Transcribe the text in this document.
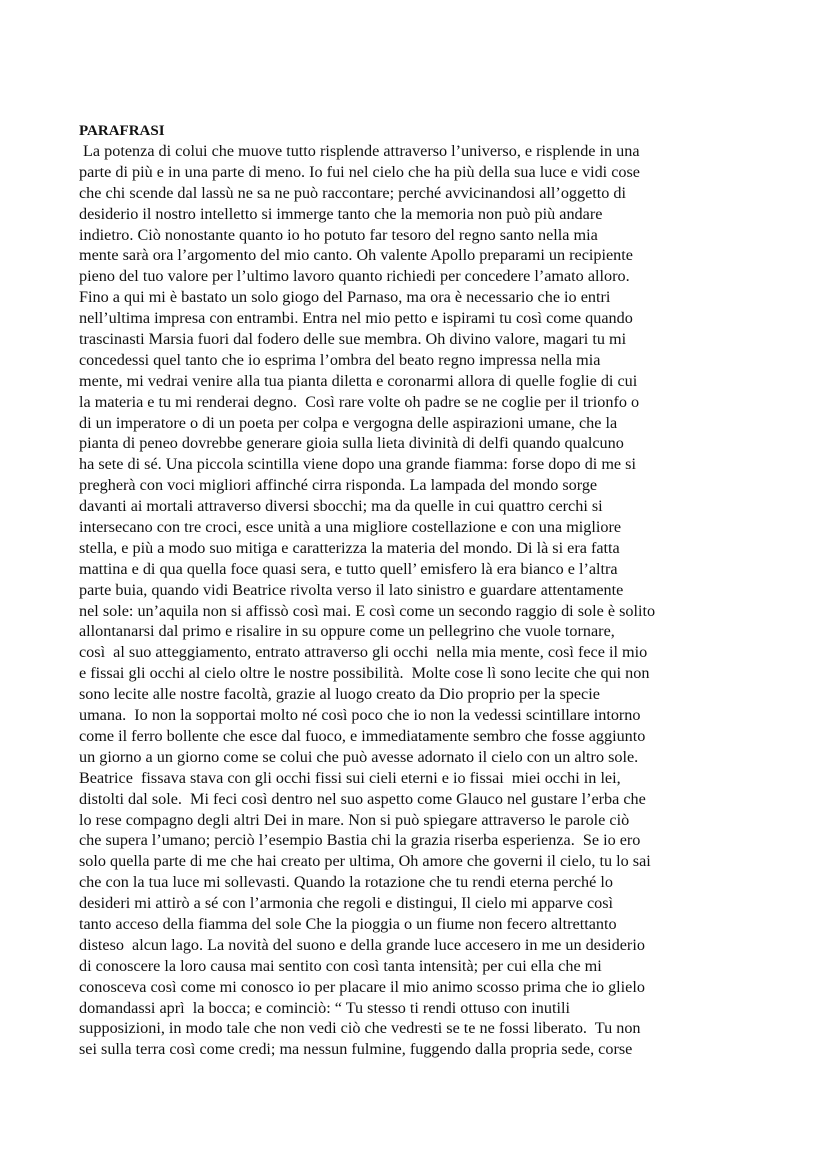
PARAFRASI
La potenza di colui che muove tutto risplende attraverso l’universo, e risplende in una
parte di più e in una parte di meno. Io fui nel cielo che ha più della sua luce e vidi cose
che chi scende dal lassù ne sa ne può raccontare; perché avvicinandosi all’oggetto di
desiderio il nostro intelletto si immerge tanto che la memoria non può più andare
indietro. Ciò nonostante quanto io ho potuto far tesoro del regno santo nella mia
mente sarà ora l’argomento del mio canto. Oh valente Apollo preparami un recipiente
pieno del tuo valore per l’ultimo lavoro quanto richiedi per concedere l’amato alloro.
Fino a qui mi è bastato un solo giogo del Parnaso, ma ora è necessario che io entri
nell’ultima impresa con entrambi. Entra nel mio petto e ispirami tu così come quando
trascinasti Marsia fuori dal fodero delle sue membra. Oh divino valore, magari tu mi
concedessi quel tanto che io esprima l’ombra del beato regno impressa nella mia
mente, mi vedrai venire alla tua pianta diletta e coronarmi allora di quelle foglie di cui
la materia e tu mi renderai degno.  Così rare volte oh padre se ne coglie per il trionfo o
di un imperatore o di un poeta per colpa e vergogna delle aspirazioni umane, che la
pianta di peneo dovrebbe generare gioia sulla lieta divinità di delfi quando qualcuno
ha sete di sé. Una piccola scintilla viene dopo una grande fiamma: forse dopo di me si
pregherà con voci migliori affinché cirra risponda. La lampada del mondo sorge
davanti ai mortali attraverso diversi sbocchi; ma da quelle in cui quattro cerchi si
intersecano con tre croci, esce unità a una migliore costellazione e con una migliore
stella, e più a modo suo mitiga e caratterizza la materia del mondo. Di là si era fatta
mattina e di qua quella foce quasi sera, e tutto quell’ emisfero là era bianco e l’altra
parte buia, quando vidi Beatrice rivolta verso il lato sinistro e guardare attentamente
nel sole: un’aquila non si affissò così mai. E così come un secondo raggio di sole è solito
allontanarsi dal primo e risalire in su oppure come un pellegrino che vuole tornare,
così  al suo atteggiamento, entrato attraverso gli occhi  nella mia mente, così fece il mio
e fissai gli occhi al cielo oltre le nostre possibilità.  Molte cose lì sono lecite che qui non
sono lecite alle nostre facoltà, grazie al luogo creato da Dio proprio per la specie
umana.  Io non la sopportai molto né così poco che io non la vedessi scintillare intorno
come il ferro bollente che esce dal fuoco, e immediatamente sembro che fosse aggiunto
un giorno a un giorno come se colui che può avesse adornato il cielo con un altro sole.
Beatrice  fissava stava con gli occhi fissi sui cieli eterni e io fissai  miei occhi in lei,
distolti dal sole.  Mi feci così dentro nel suo aspetto come Glauco nel gustare l’erba che
lo rese compagno degli altri Dei in mare. Non si può spiegare attraverso le parole ciò
che supera l’umano; perciò l’esempio Bastia chi la grazia riserba esperienza.  Se io ero
solo quella parte di me che hai creato per ultima, Oh amore che governi il cielo, tu lo sai
che con la tua luce mi sollevasti. Quando la rotazione che tu rendi eterna perché lo
desideri mi attirò a sé con l’armonia che regoli e distingui, Il cielo mi apparve così
tanto acceso della fiamma del sole Che la pioggia o un fiume non fecero altrettanto
disteso  alcun lago. La novità del suono e della grande luce accesero in me un desiderio
di conoscere la loro causa mai sentito con così tanta intensità; per cui ella che mi
conosceva così come mi conosco io per placare il mio animo scosso prima che io glielo
domandassi aprì  la bocca; e cominciò: “ Tu stesso ti rendi ottuso con inutili
supposizioni, in modo tale che non vedi ciò che vedresti se te ne fossi liberato.  Tu non
sei sulla terra così come credi; ma nessun fulmine, fuggendo dalla propria sede, corse
